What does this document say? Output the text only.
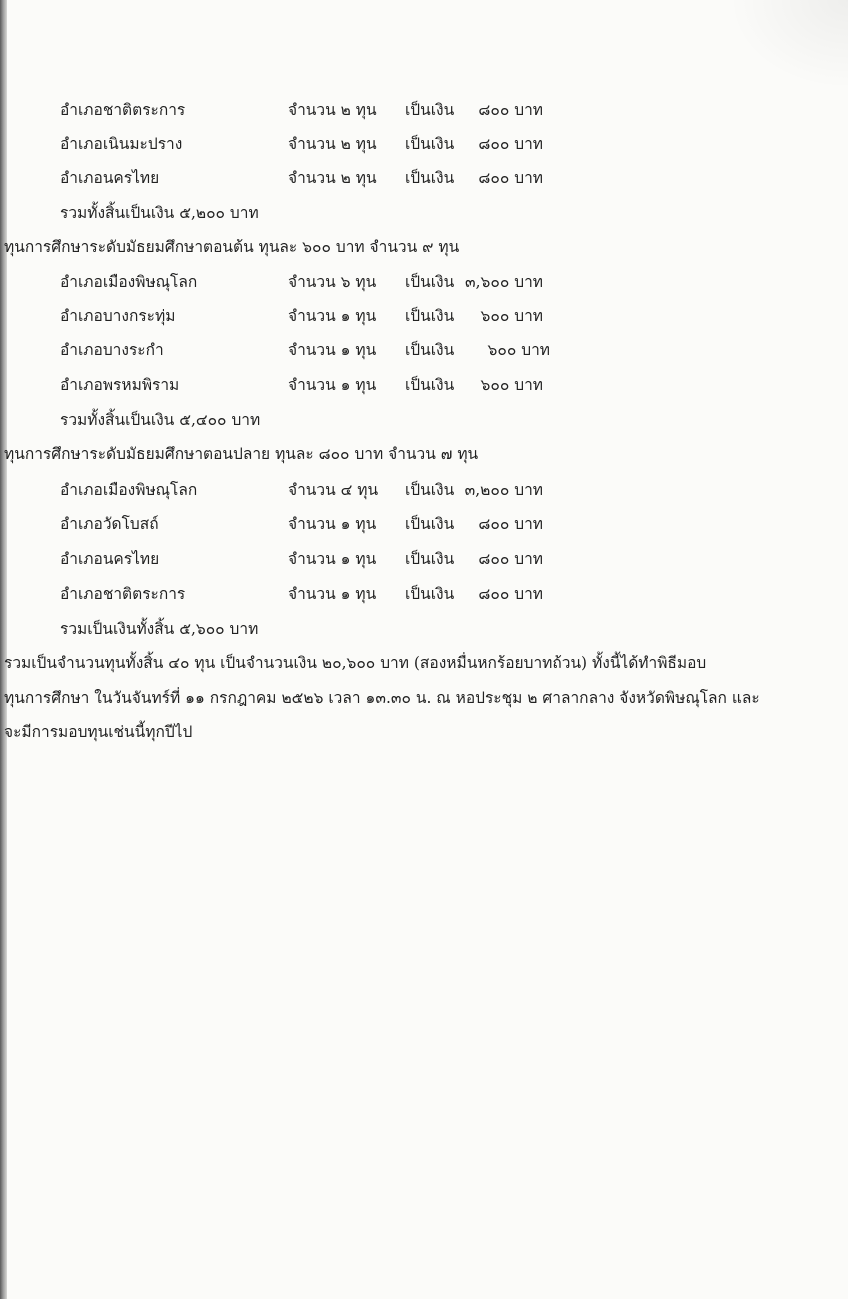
อำเภอชาติตระการ	จำนวน ๒ ทุน เป็นเงิน	๘๐๐ บาท
อำเภอเนินมะปราง	จำนวน ๒ ทุน เป็นเงิน	๘๐๐ บาท
อำเภอนครไทย	จำนวน ๒ ทุน เป็นเงิน	๘๐๐ บาท
รวมทั้งสิ้นเป็นเงิน ๕,๒๐๐ บาท
ทุนการศึกษาระดับมัธยมศึกษาตอนต้น ทุนละ ๖๐๐ บาท จำนวน ๙ ทุน
อำเภอเมืองพิษณุโลก	จำนวน ๖ ทุน เป็นเงิน ๓,๖๐๐ บาท
อำเภอบางกระทุ่ม	จำนวน ๑ ทุน เป็นเงิน	๖๐๐ บาท
อำเภอบางระกำ	จำนวน ๑ ทุน เป็นเงิน	๖๐๐ บาท
อำเภอพรหมพิราม	จำนวน ๑ ทุน เป็นเงิน	๖๐๐ บาท
รวมทั้งสิ้นเป็นเงิน ๕,๔๐๐ บาท
ทุนการศึกษาระดับมัธยมศึกษาตอนปลาย ทุนละ ๘๐๐ บาท จำนวน ๗ ทุน
อำเภอเมืองพิษณุโลก	จำนวน ๔ ทุน เป็นเงิน ๓,๒๐๐ บาท
อำเภอวัดโบสถ์	จำนวน ๑ ทุน เป็นเงิน	๘๐๐ บาท
อำเภอนครไทย	จำนวน ๑ ทุน เป็นเงิน	๘๐๐ บาท
อำเภอชาติตระการ	จำนวน ๑ ทุน เป็นเงิน	๘๐๐ บาท
รวมเป็นเงินทั้งสิ้น ๕,๖๐๐ บาท
รวมเป็นจำนวนทุนทั้งสิ้น ๔๐ ทุน เป็นจำนวนเงิน ๒๐,๖๐๐ บาท (สองหมื่นหกร้อยบาทถ้วน) ทั้งนี้ได้ทำพิธีมอบ
ทุนการศึกษา ในวันจันทร์ที่ ๑๑ กรกฎาคม ๒๕๒๖ เวลา ๑๓.๓๐ น. ณ หอประชุม ๒ ศาลากลาง จังหวัดพิษณุโลก และ
จะมีการมอบทุนเช่นนี้ทุกปีไป
